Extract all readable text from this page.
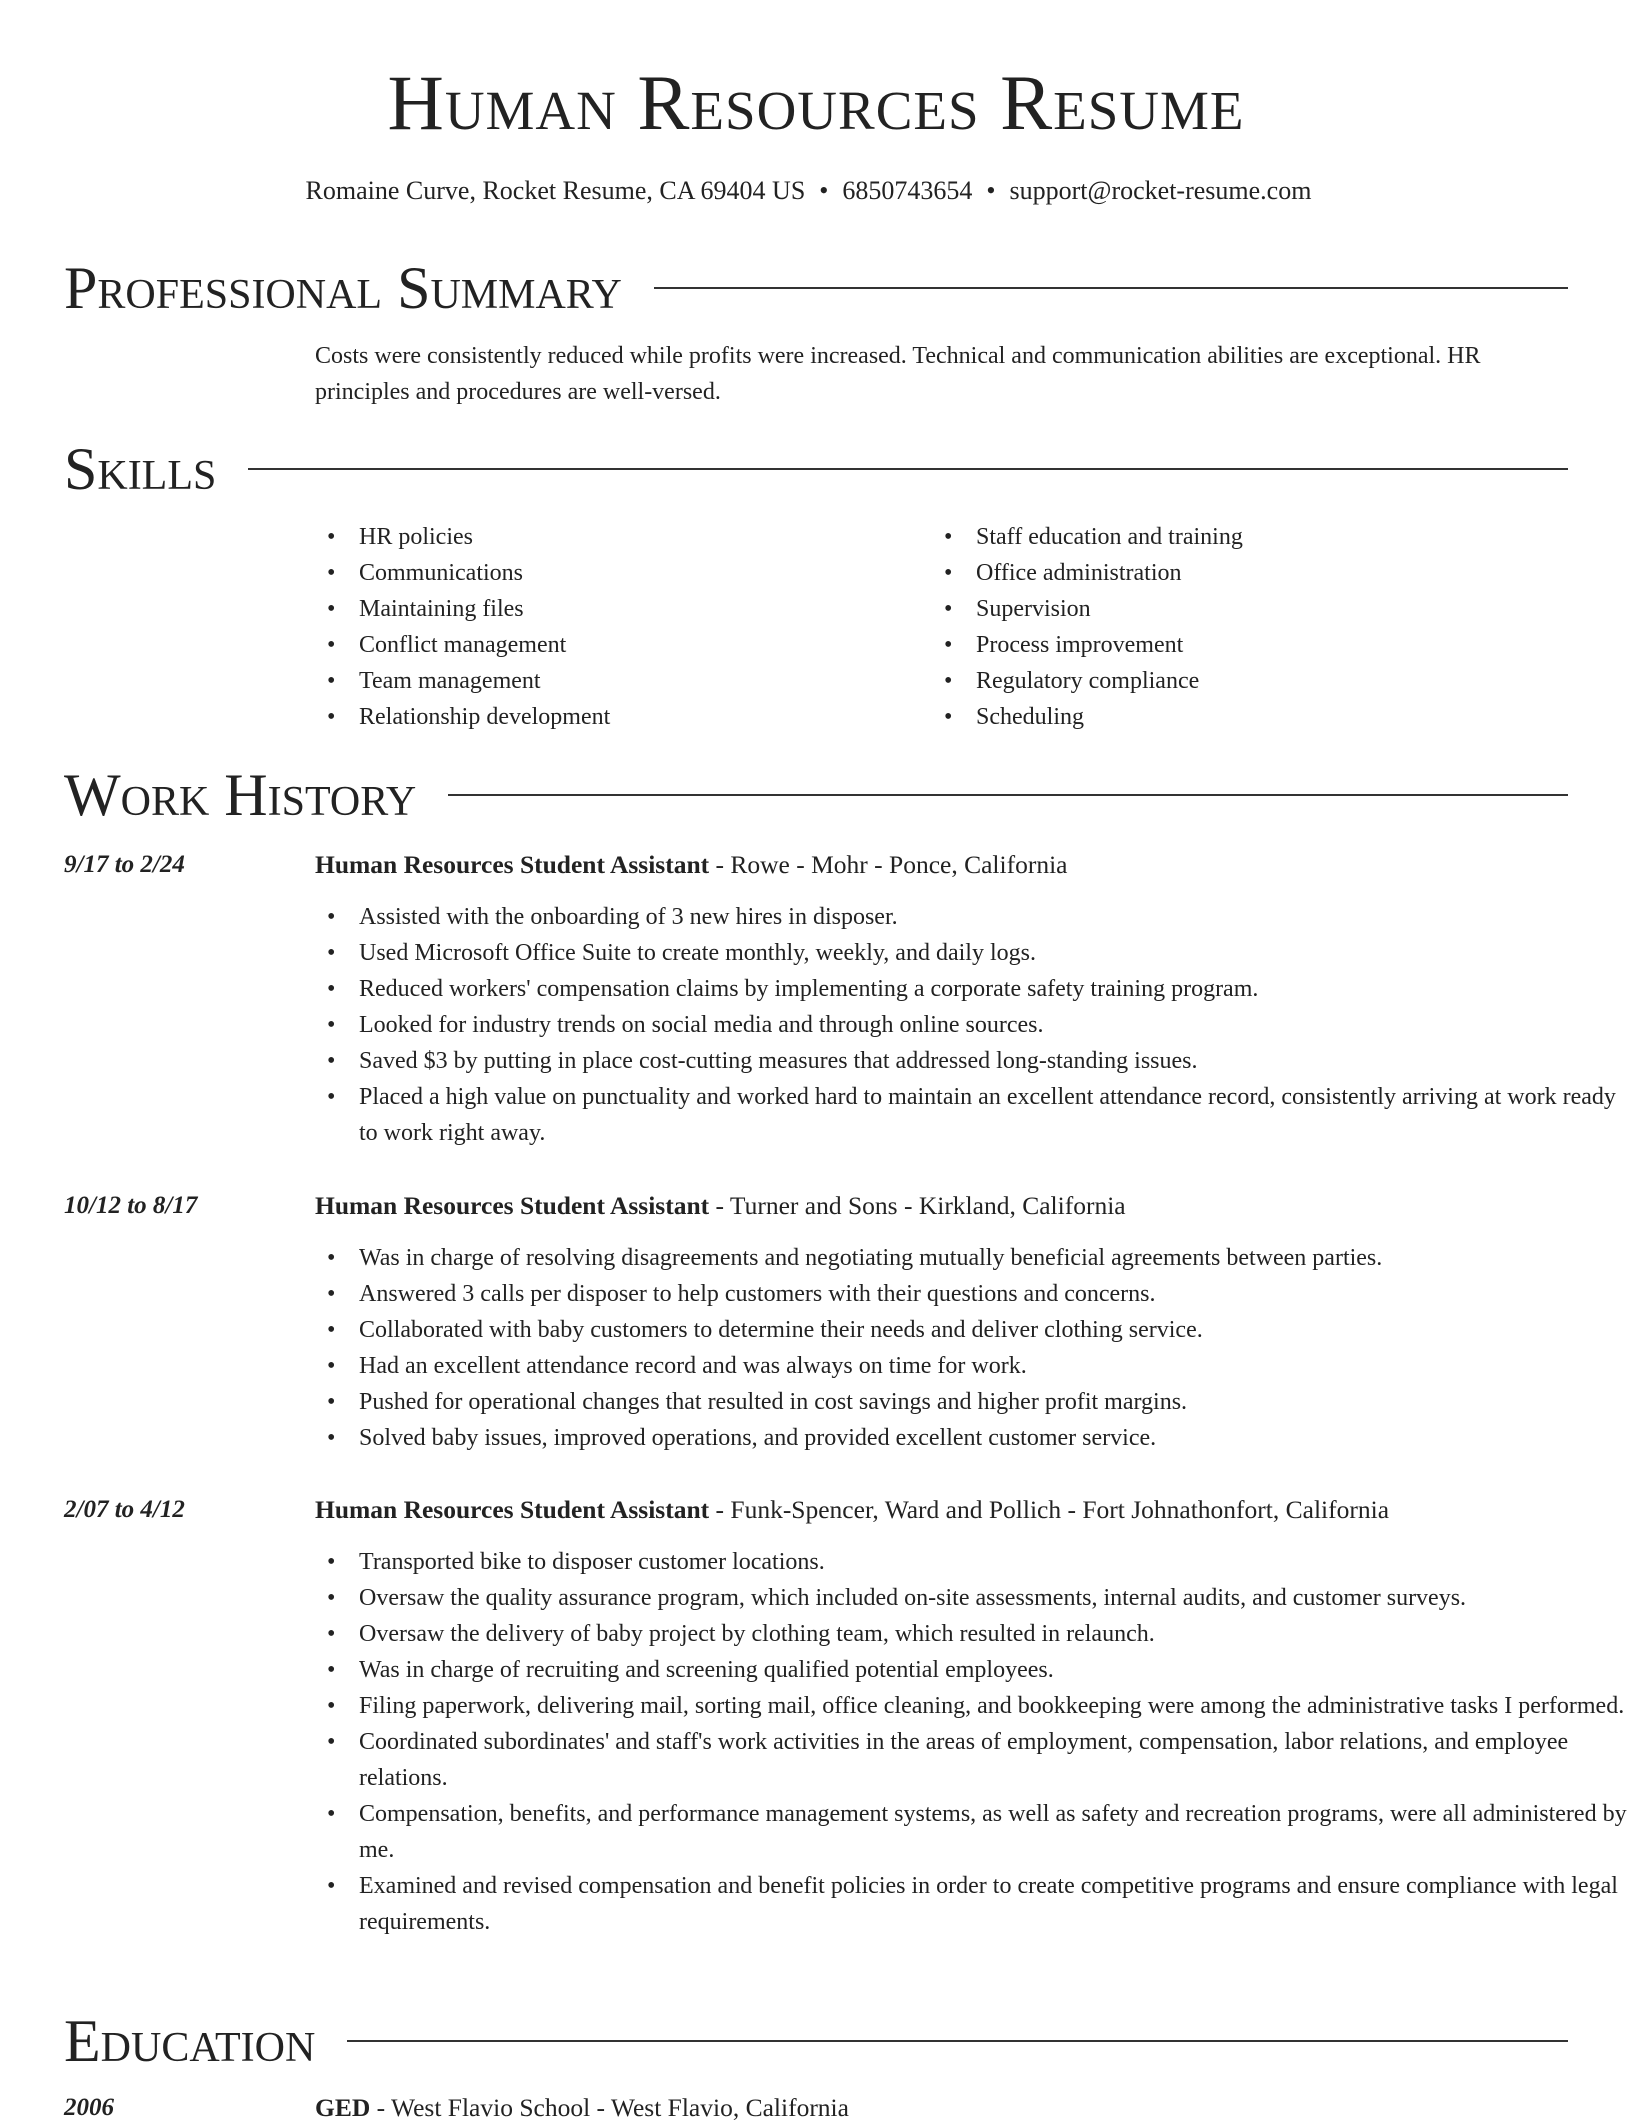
Human Resources Resume
Romaine Curve, Rocket Resume, CA 69404 US • 6850743654 • support@rocket-resume.com
Professional Summary

Costs were consistently reduced while profits were increased. Technical and communication abilities are exceptional. HR principles and procedures are well-versed.

Skills
• HR policies
• Communications
• Maintaining files
• Conflict management
• Team management
• Relationship development
• Staff education and training
• Office administration
• Supervision
• Process improvement
• Regulatory compliance
• Scheduling
Work History
9/17 to 2/24	Human Resources Student Assistant - Rowe - Mohr - Ponce, California
• Assisted with the onboarding of 3 new hires in disposer.
• Used Microsoft Office Suite to create monthly, weekly, and daily logs.
• Reduced workers' compensation claims by implementing a corporate safety training program.
• Looked for industry trends on social media and through online sources.
• Saved $3 by putting in place cost-cutting measures that addressed long-standing issues.
• Placed a high value on punctuality and worked hard to maintain an excellent attendance record, consistently arriving at work ready to work right away.
10/12 to 8/17	Human Resources Student Assistant - Turner and Sons - Kirkland, California
• Was in charge of resolving disagreements and negotiating mutually beneficial agreements between parties.
• Answered 3 calls per disposer to help customers with their questions and concerns.
• Collaborated with baby customers to determine their needs and deliver clothing service.
• Had an excellent attendance record and was always on time for work.
• Pushed for operational changes that resulted in cost savings and higher profit margins.
• Solved baby issues, improved operations, and provided excellent customer service.
2/07 to 4/12	Human Resources Student Assistant - Funk-Spencer, Ward and Pollich - Fort Johnathonfort, California
• Transported bike to disposer customer locations.
• Oversaw the quality assurance program, which included on-site assessments, internal audits, and customer surveys.
• Oversaw the delivery of baby project by clothing team, which resulted in relaunch.
• Was in charge of recruiting and screening qualified potential employees.
• Filing paperwork, delivering mail, sorting mail, office cleaning, and bookkeeping were among the administrative tasks I performed.
• Coordinated subordinates' and staff's work activities in the areas of employment, compensation, labor relations, and employee relations.
• Compensation, benefits, and performance management systems, as well as safety and recreation programs, were all administered by me.
• Examined and revised compensation and benefit policies in order to create competitive programs and ensure compliance with legal requirements.
Education
2006	GED - West Flavio School - West Flavio, California
